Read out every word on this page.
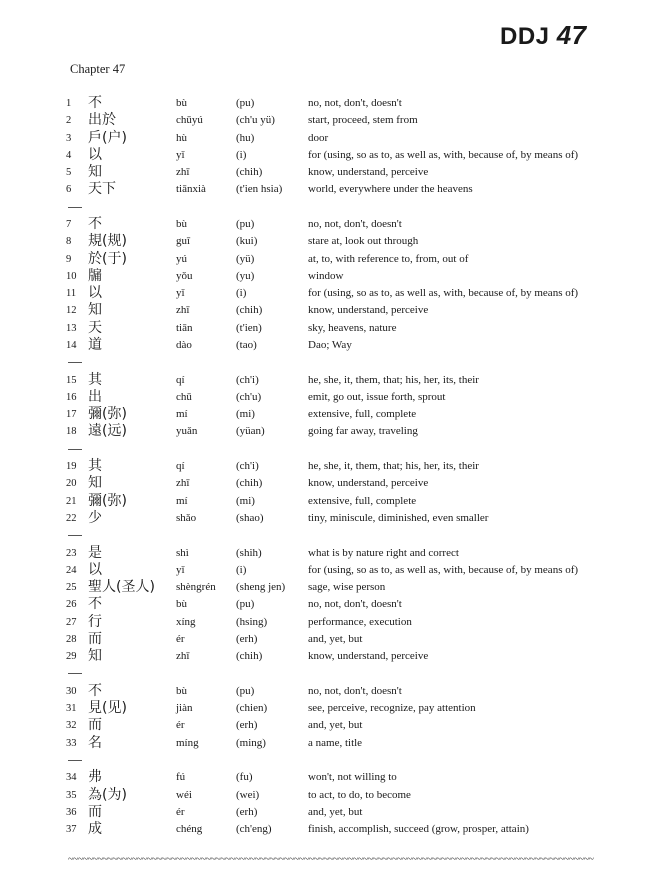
DDJ 47
Chapter 47
1	不	bù	(pu)	no, not, don't, doesn't
2	出於	chūyú	(ch'u yü)	start, proceed, stem from
3	戶(户)	hù	(hu)	door
4	以	yǐ	(i)	for (using, so as to, as well as, with, because of, by means of)
5	知	zhī	(chih)	know, understand, perceive
6	天下	tiānxià	(t'ien hsia) world, everywhere under the heavens
7	不	bù	(pu)	no, not, don't, doesn't
8	規(规)	guī	(kui)	stare at, look out through
9	於(于)	yú	(yü)	at, to, with reference to, from, out of
10 牖	yǒu	(yu)	window
11 以	yǐ	(i)	for (using, so as to, as well as, with, because of, by means of)
12 知	zhī	(chih)	know, understand, perceive
13 天	tiān	(t'ien)	sky, heavens, nature
14 道	dào	(tao)	Dao; Way
15 其	qí	(ch'i)	he, she, it, them, that; his, her, its, their
16 出	chū	(ch'u)	emit, go out, issue forth, sprout
17 彌(弥)	mí	(mi)	extensive, full, complete
18 遠(远)	yuǎn	(yüan)	going far away, traveling
19 其	qí	(ch'i)	he, she, it, them, that; his, her, its, their
20 知	zhī	(chih)	know, understand, perceive
21 彌(弥)	mí	(mi)	extensive, full, complete
22 少	shǎo	(shao)	tiny, miniscule, diminished, even smaller
23 是	shì	(shih)	what is by nature right and correct
24 以	yǐ	(i)	for (using, so as to, as well as, with, because of, by means of)
25 聖人(圣人) shèngrén (sheng jen) sage, wise person
26 不	bù	(pu)	no, not, don't, doesn't
27 行	xíng	(hsing)	performance, execution
28 而	ér	(erh)	and, yet, but
29 知	zhī	(chih)	know, understand, perceive
30 不	bù	(pu)	no, not, don't, doesn't
31 見(见)	jiàn	(chien)	see, perceive, recognize, pay attention
32 而	ér	(erh)	and, yet, but
33 名	míng	(ming)	a name, title
34 弗	fú	(fu)	won't, not willing to
35 為(为)	wéi	(wei)	to act, to do, to become
36 而	ér	(erh)	and, yet, but
37 成	chéng	(ch'eng)	finish, accomplish, succeed (grow, prosper, attain)
~~~~~~~~~~~~~~~~~~~~~~~~~~~~~~~~~~~~~~~~~~~~~~~~~~~~~~~~~~~~~~~~~~~~~~~~~~~~~~~~~~~~~~~~~~~~~~~~~~~~~~~~~~~
